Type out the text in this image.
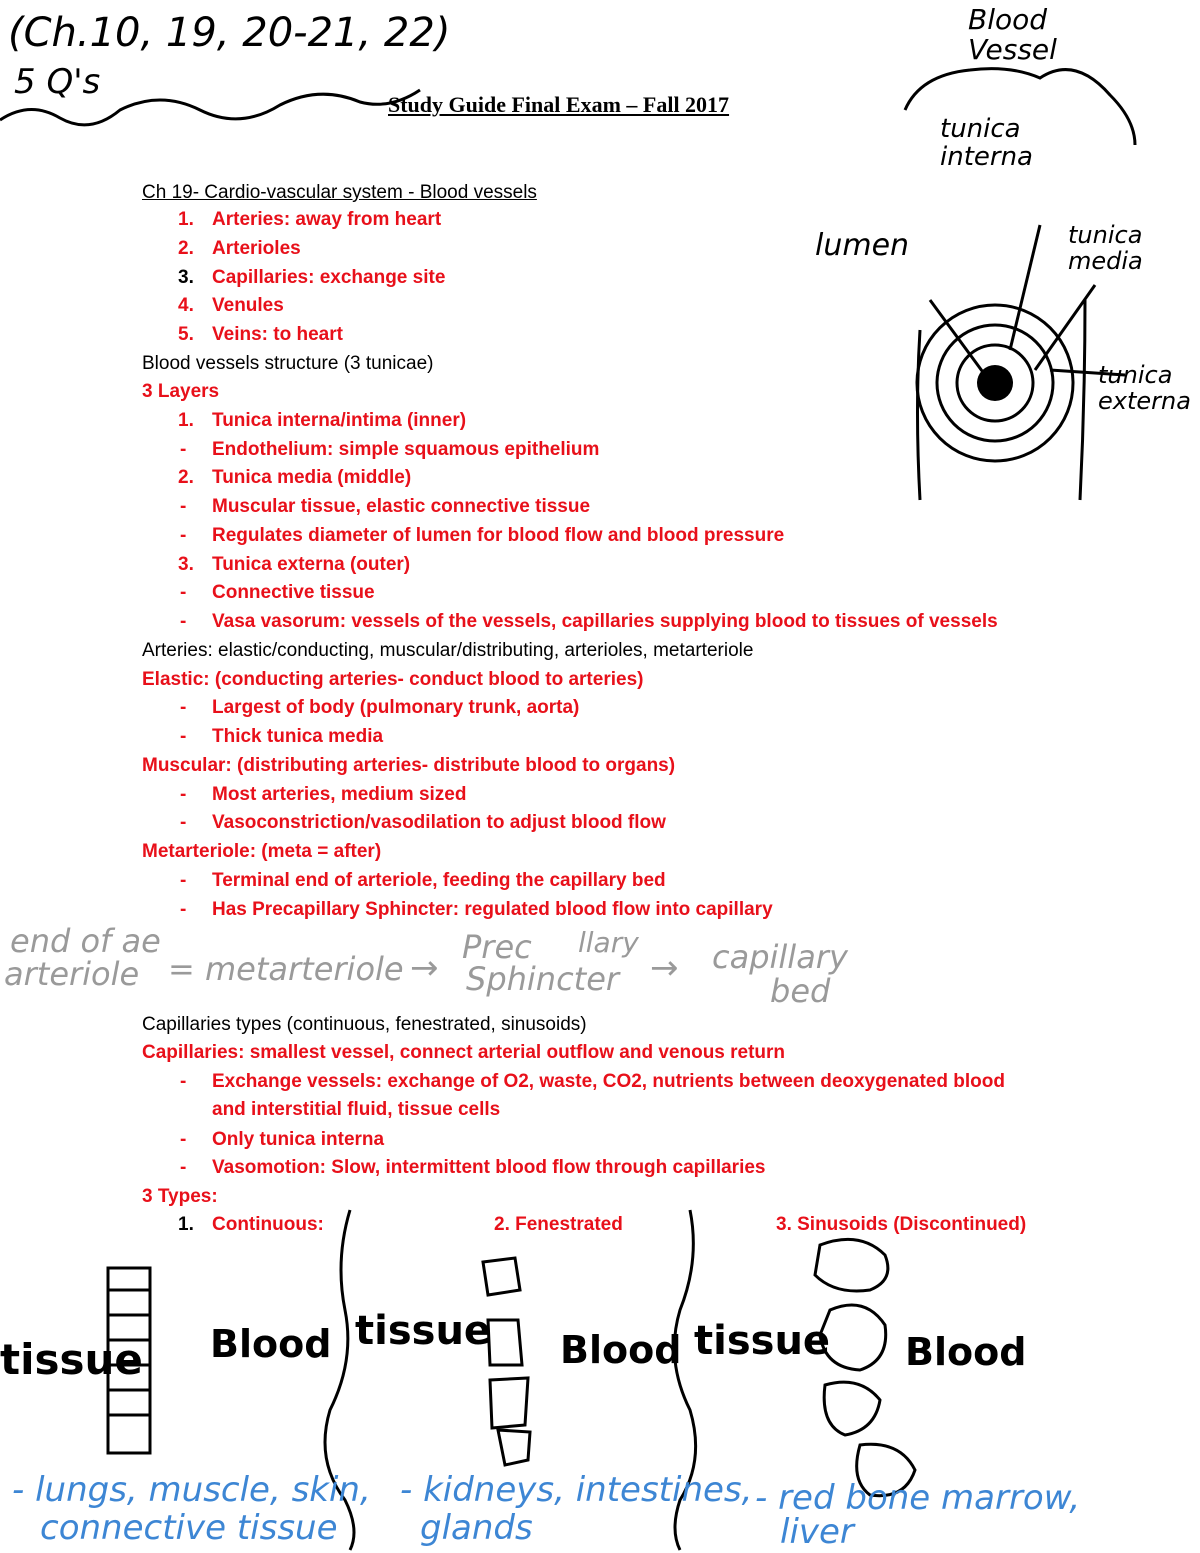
(Ch.10, 19, 20-21, 22)
5 Q's
Study Guide Final Exam – Fall 2017
Blood Vessel
tunica interna
lumen	tunica media
tunica externa
Ch 19- Cardio-vascular system - Blood vessels
1. Arteries: away from heart
2. Arterioles
3. Capillaries: exchange site
4. Venules
5. Veins: to heart
Blood vessels structure (3 tunicae)
3 Layers
1. Tunica interna/intima (inner)
- Endothelium: simple squamous epithelium
2. Tunica media (middle)
- Muscular tissue, elastic connective tissue
- Regulates diameter of lumen for blood flow and blood pressure
3. Tunica externa (outer)
- Connective tissue
- Vasa vasorum: vessels of the vessels, capillaries supplying blood to tissues of vessels
Arteries: elastic/conducting, muscular/distributing, arterioles, metarteriole
Elastic: (conducting arteries- conduct blood to arteries)
- Largest of body (pulmonary trunk, aorta)
- Thick tunica media
Muscular: (distributing arteries- distribute blood to organs)
- Most arteries, medium sized
- Vasoconstriction/vasodilation to adjust blood flow
Metarteriole: (meta = after)
- Terminal end of arteriole, feeding the capillary bed
- Has Precapillary Sphincter: regulated blood flow into capillary
end of ae
arteriole = metarteriole →
Prec llary
Sphincter → capillary
bed
Capillaries types (continuous, fenestrated, sinusoids)
Capillaries: smallest vessel, connect arterial outflow and venous return
- Exchange vessels: exchange of O2, waste, CO2, nutrients between deoxygenated blood
and interstitial fluid, tissue cells
- Only tunica interna
- Vasomotion: Slow, intermittent blood flow through capillaries
3 Types:
1. Continuous:	2. Fenestrated	3. Sinusoids (Discontinued)
tissue Blood tissue Blood tissue Blood
- lungs, muscle, skin,
connective tissue
- kidneys, intestines,
glands
- red bone marrow,
liver
